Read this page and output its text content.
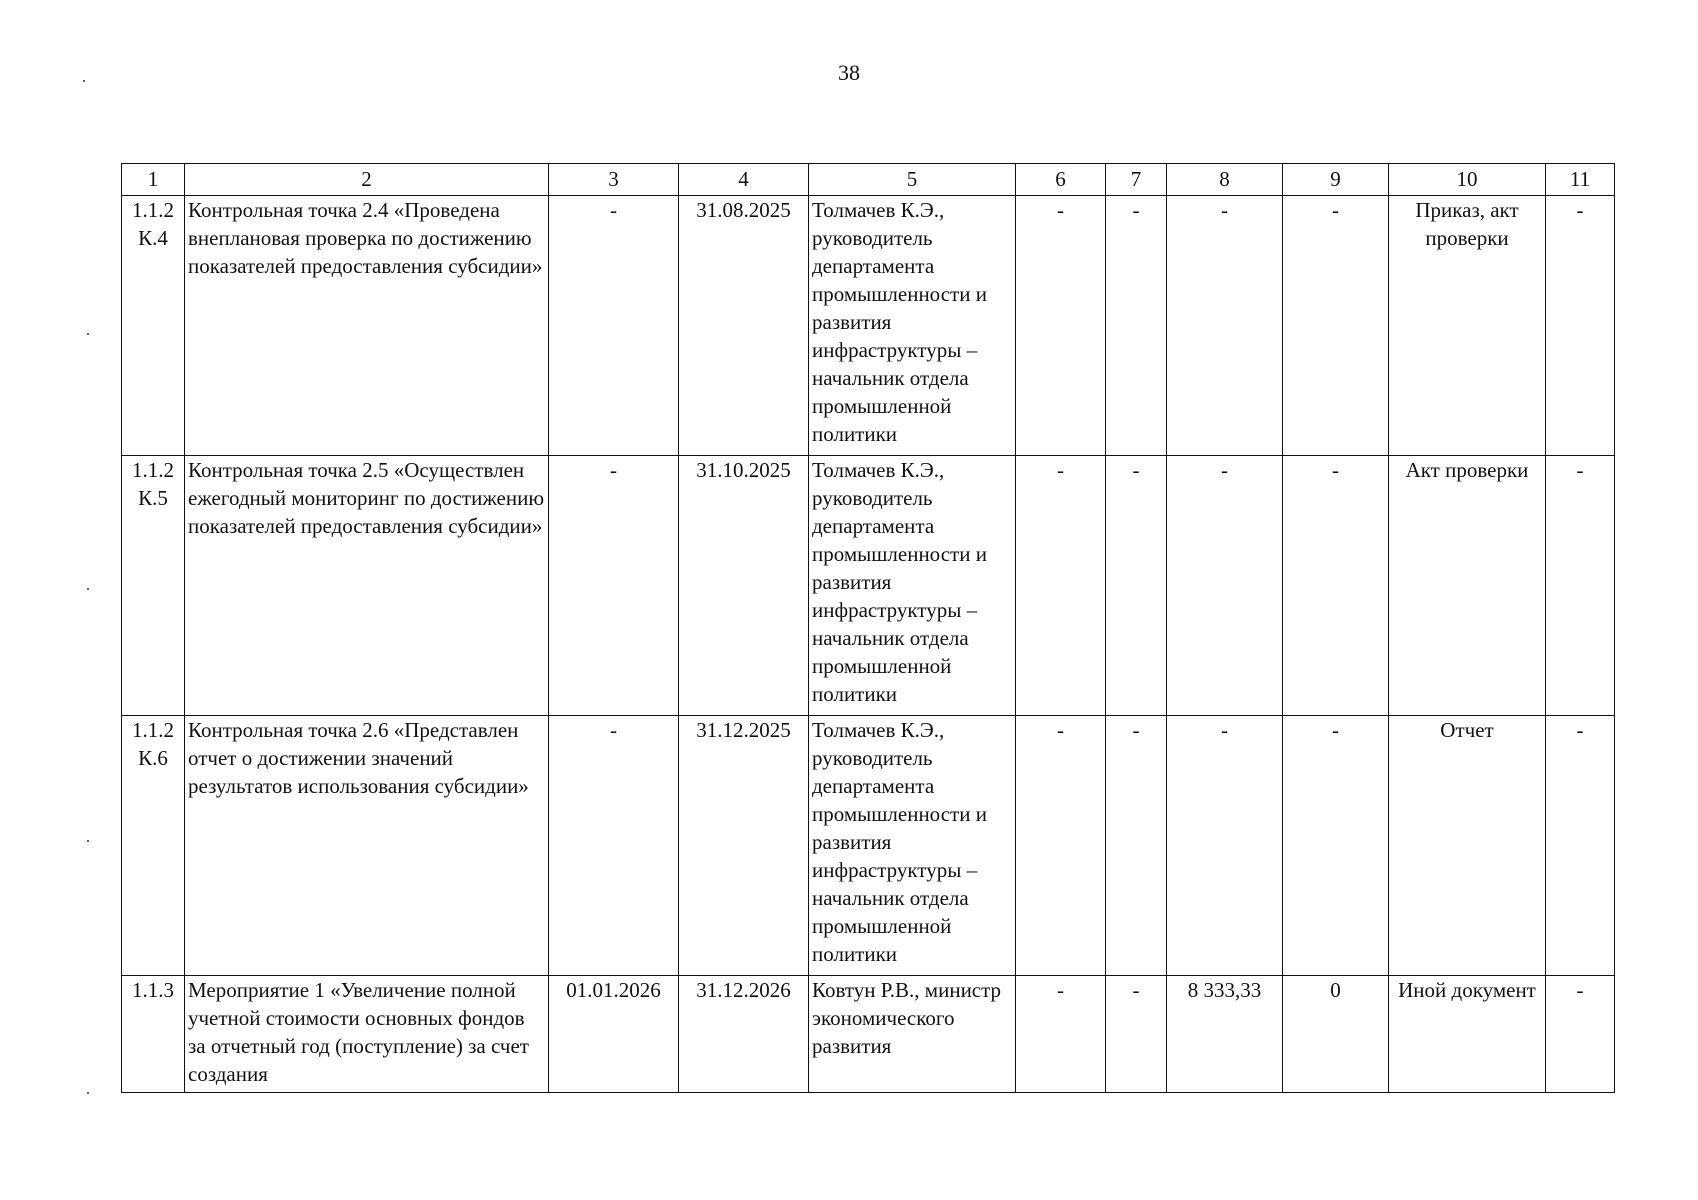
38
1	2	3	4	5	6	7	8	9	10	11
1.1.2 К.4	Контрольная точка 2.4 «Проведена внеплановая проверка по достижению показателей предоставления субсидии»	-	31.08.2025	Толмачев К.Э., руководитель департамента промышленности и развития инфраструктуры – начальник отдела промышленной политики	-	-	-	-	Приказ, акт проверки	-
1.1.2 К.5	Контрольная точка 2.5 «Осуществлен ежегодный мониторинг по достижению показателей предоставления субсидии»	-	31.10.2025	Толмачев К.Э., руководитель департамента промышленности и развития инфраструктуры – начальник отдела промышленной политики	-	-	-	-	Акт проверки	-
1.1.2 К.6	Контрольная точка 2.6 «Представлен отчет о достижении значений результатов использования субсидии»	-	31.12.2025	Толмачев К.Э., руководитель департамента промышленности и развития инфраструктуры – начальник отдела промышленной политики	-	-	-	-	Отчет	-
1.1.3	Мероприятие 1 «Увеличение полной учетной стоимости основных фондов за отчетный год (поступление) за счет создания	01.01.2026	31.12.2026	Ковтун Р.В., министр экономического развития	-	-	8 333,33	0	Иной документ	-
